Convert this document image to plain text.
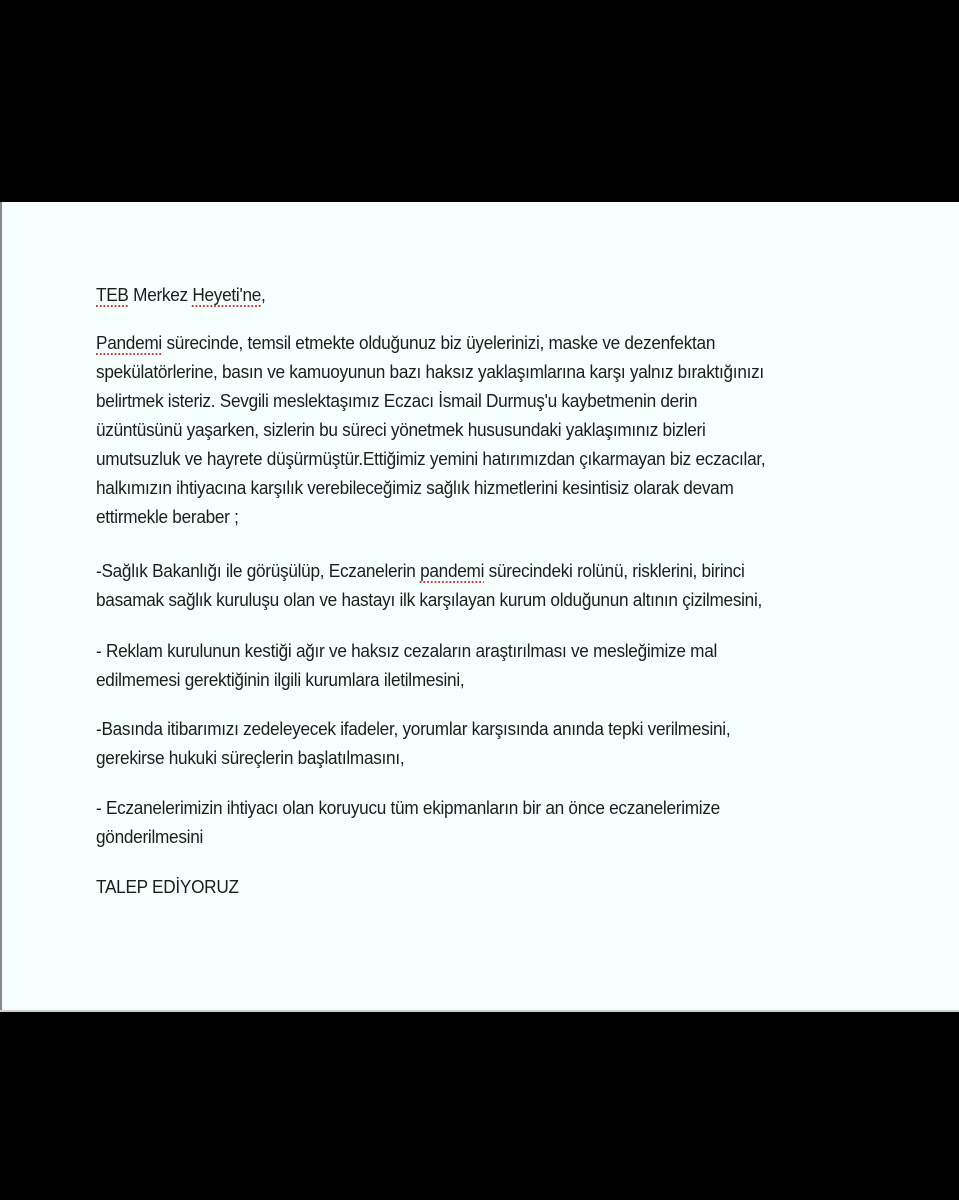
TEB Merkez Heyeti'ne,
Pandemi sürecinde, temsil etmekte olduğunuz biz üyelerinizi, maske ve dezenfektan
spekülatörlerine, basın ve kamuoyunun bazı haksız yaklaşımlarına karşı yalnız bıraktığınızı
belirtmek isteriz. Sevgili meslektaşımız Eczacı İsmail Durmuş'u kaybetmenin derin
üzüntüsünü yaşarken, sizlerin bu süreci yönetmek hususundaki yaklaşımınız bizleri
umutsuzluk ve hayrete düşürmüştür.Ettiğimiz yemini hatırımızdan çıkarmayan biz eczacılar,
halkımızın ihtiyacına karşılık verebileceğimiz sağlık hizmetlerini kesintisiz olarak devam
ettirmekle beraber ;
-Sağlık Bakanlığı ile görüşülüp, Eczanelerin pandemi sürecindeki rolünü, risklerini, birinci
basamak sağlık kuruluşu olan ve hastayı ilk karşılayan kurum olduğunun altının çizilmesini,
- Reklam kurulunun kestiği ağır ve haksız cezaların araştırılması ve mesleğimize mal
edilmemesi gerektiğinin ilgili kurumlara iletilmesini,
-Basında itibarımızı zedeleyecek ifadeler, yorumlar karşısında anında tepki verilmesini,
gerekirse hukuki süreçlerin başlatılmasını,
- Eczanelerimizin ihtiyacı olan koruyucu tüm ekipmanların bir an önce eczanelerimize
gönderilmesini
TALEP EDİYORUZ
